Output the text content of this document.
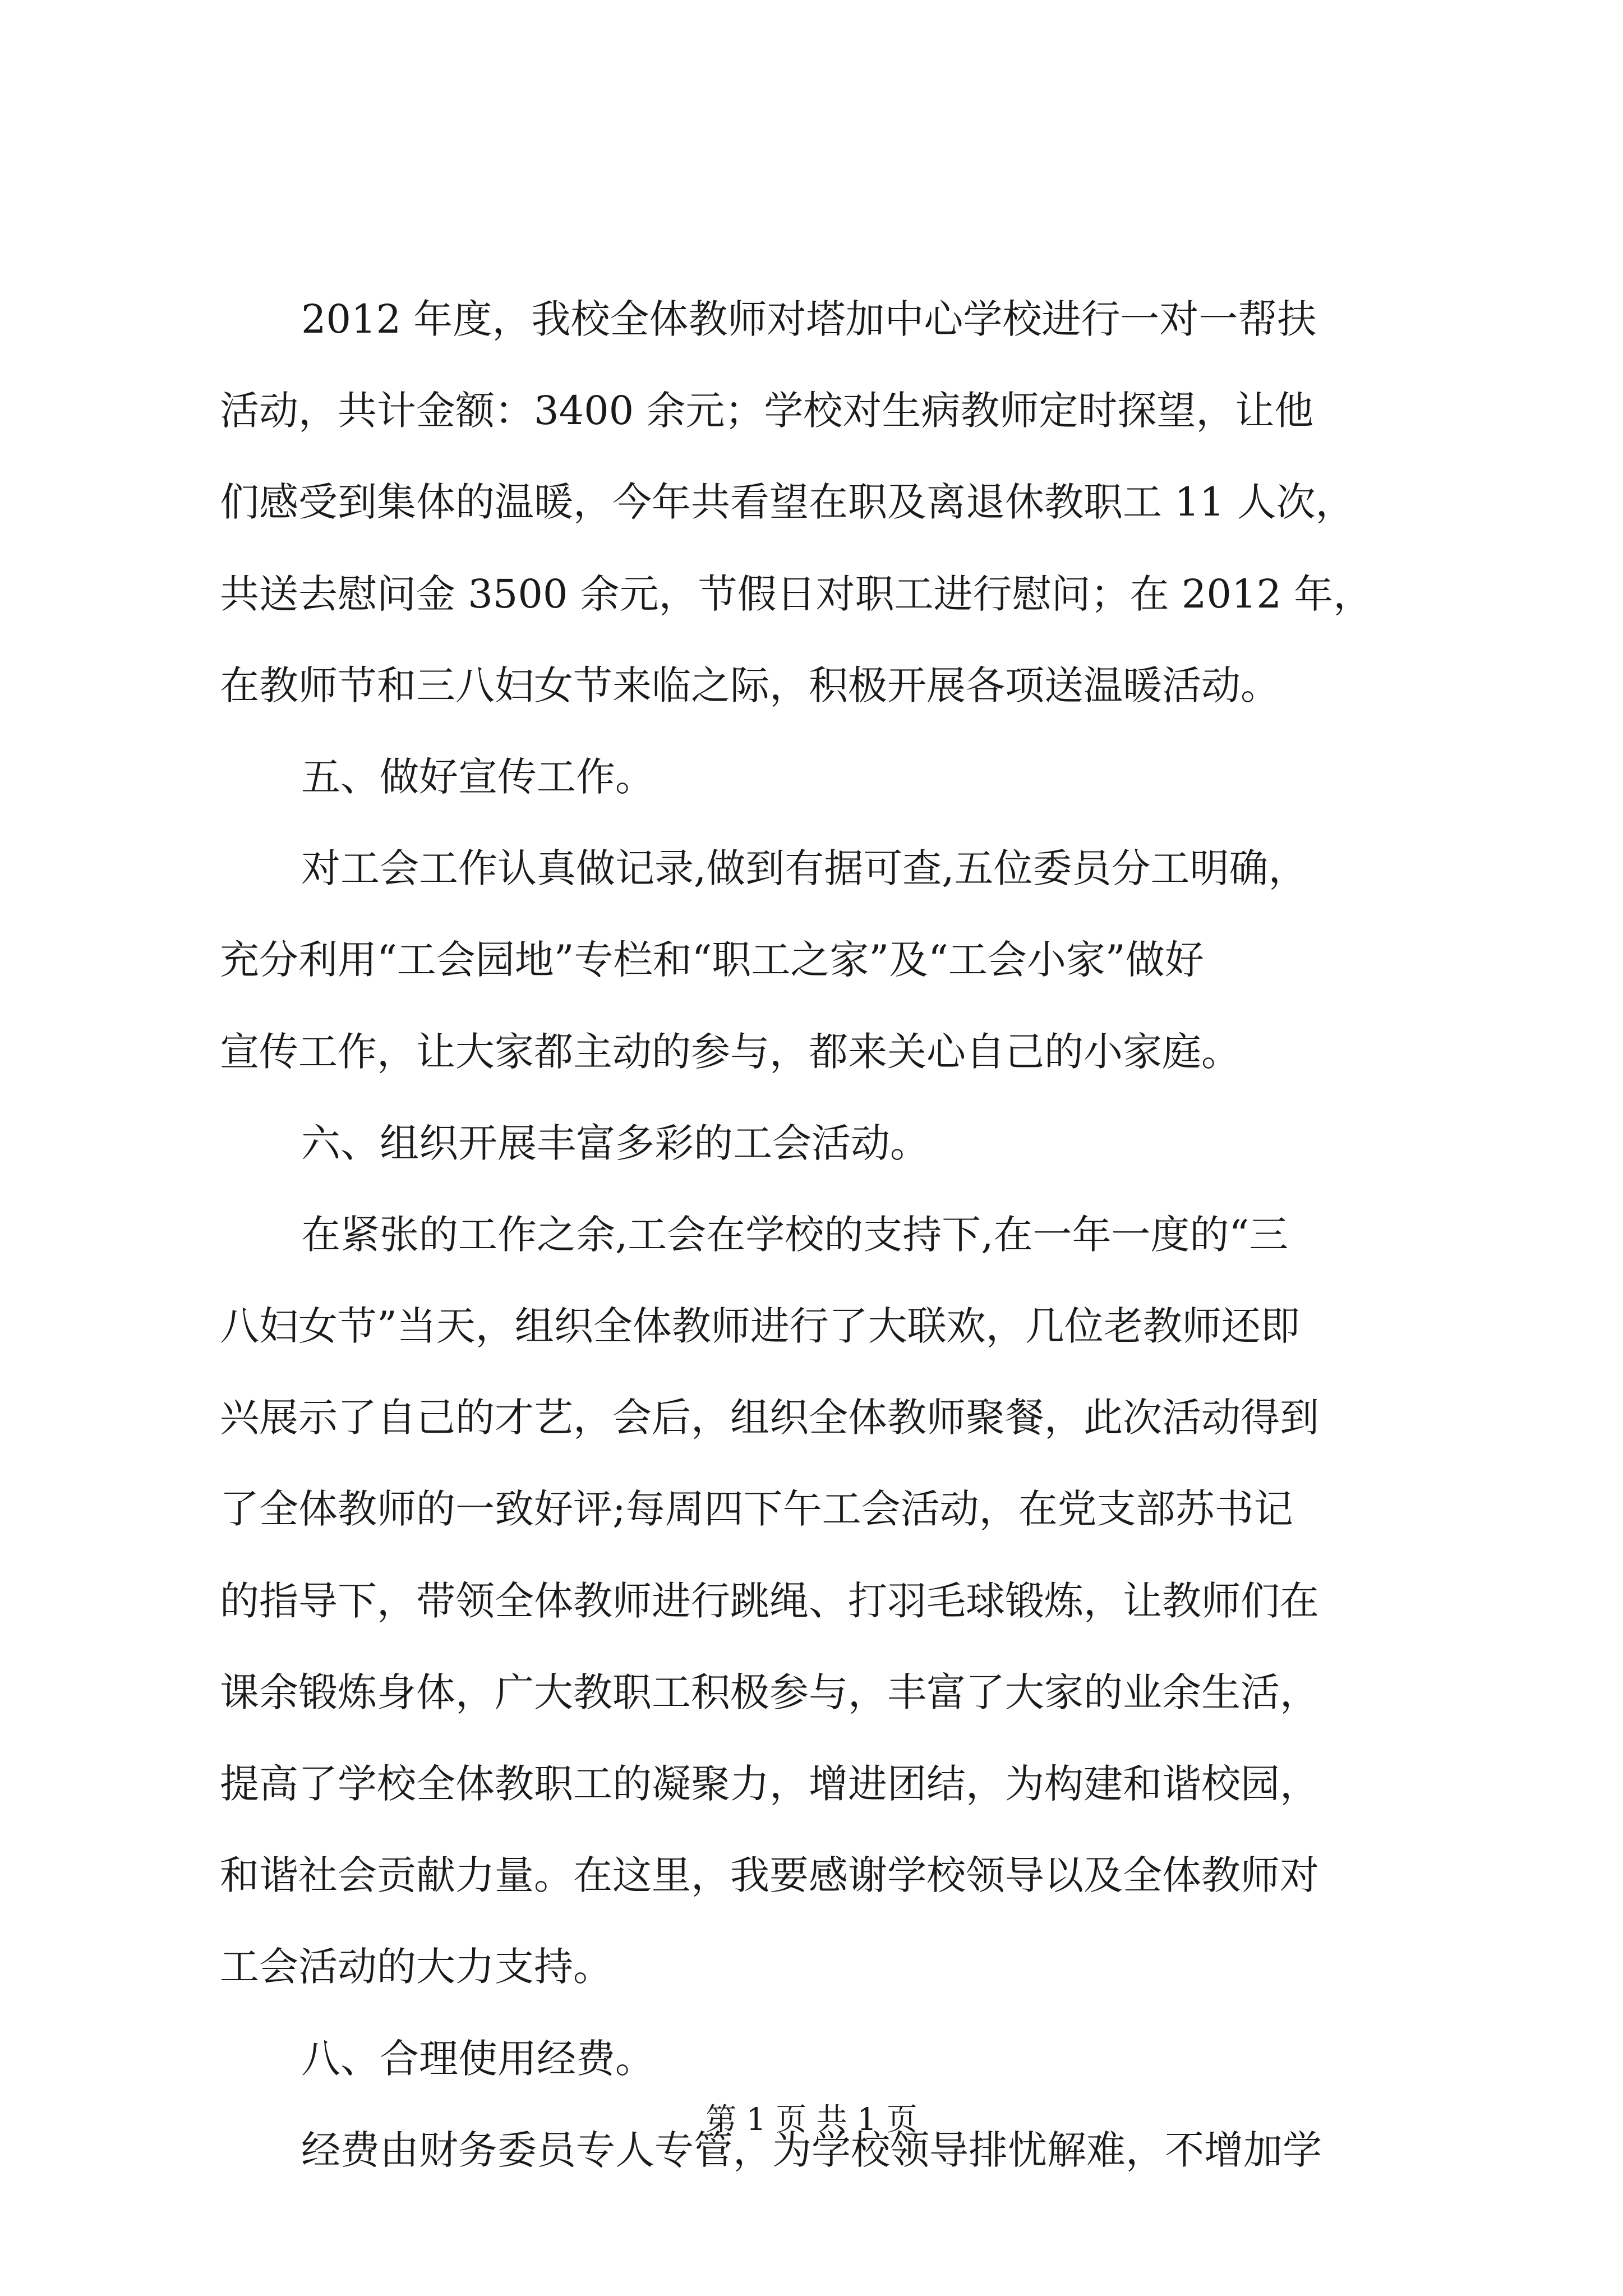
2012 年度，我校全体教师对塔加中心学校进行一对一帮扶
活动，共计金额：3400 余元；学校对生病教师定时探望，让他
们感受到集体的温暖，今年共看望在职及离退休教职工 11 人次，
共送去慰问金 3500 余元，节假日对职工进行慰问；在 2012 年，
在教师节和三八妇女节来临之际，积极开展各项送温暖活动。
五、做好宣传工作。
对工会工作认真做记录,做到有据可查,五位委员分工明确，
充分利用“工会园地”专栏和“职工之家”及“工会小家”做好
宣传工作，让大家都主动的参与，都来关心自己的小家庭。
六、组织开展丰富多彩的工会活动。
在紧张的工作之余,工会在学校的支持下,在一年一度的“三
八妇女节”当天，组织全体教师进行了大联欢，几位老教师还即
兴展示了自己的才艺，会后，组织全体教师聚餐，此次活动得到
了全体教师的一致好评;每周四下午工会活动，在党支部苏书记
的指导下，带领全体教师进行跳绳、打羽毛球锻炼，让教师们在
课余锻炼身体，广大教职工积极参与，丰富了大家的业余生活，
提高了学校全体教职工的凝聚力，增进团结，为构建和谐校园，
和谐社会贡献力量。在这里，我要感谢学校领导以及全体教师对
工会活动的大力支持。
八、合理使用经费。
经费由财务委员专人专管，为学校领导排忧解难，不增加学
第 1 页 共 1 页
